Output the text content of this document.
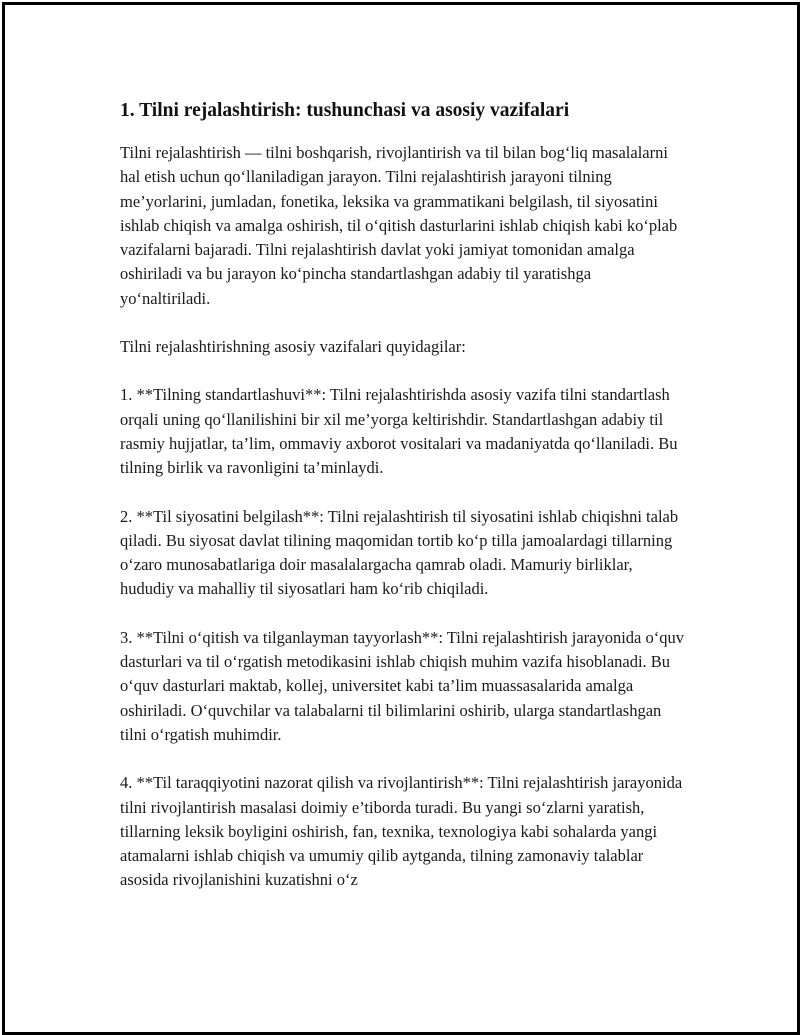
1. Tilni rejalashtirish: tushunchasi va asosiy vazifalari

Tilni rejalashtirish — tilni boshqarish, rivojlantirish va til bilan bog‘liq masalalarni hal etish uchun qo‘llaniladigan jarayon. Tilni rejalashtirish jarayoni tilning me’yorlarini, jumladan, fonetika, leksika va grammatikani belgilash, til siyosatini ishlab chiqish va amalga oshirish, til o‘qitish dasturlarini ishlab chiqish kabi ko‘plab vazifalarni bajaradi. Tilni rejalashtirish davlat yoki jamiyat tomonidan amalga oshiriladi va bu jarayon ko‘pincha standartlashgan adabiy til yaratishga yo‘naltiriladi.

Tilni rejalashtirishning asosiy vazifalari quyidagilar:

1. **Tilning standartlashuvi**: Tilni rejalashtirishda asosiy vazifa tilni standartlash orqali uning qo‘llanilishini bir xil me’yorga keltirishdir. Standartlashgan adabiy til rasmiy hujjatlar, ta’lim, ommaviy axborot vositalari va madaniyatda qo‘llaniladi. Bu tilning birlik va ravonligini ta’minlaydi.

2. **Til siyosatini belgilash**: Tilni rejalashtirish til siyosatini ishlab chiqishni talab qiladi. Bu siyosat davlat tilining maqomidan tortib ko‘p tilla jamoalardagi tillarning o‘zaro munosabatlariga doir masalalargacha qamrab oladi. Mamuriy birliklar, hududiy va mahalliy til siyosatlari ham ko‘rib chiqiladi.

3. **Tilni o‘qitish va tilganlayman tayyorlash**: Tilni rejalashtirish jarayonida o‘quv dasturlari va til o‘rgatish metodikasini ishlab chiqish muhim vazifa hisoblanadi. Bu o‘quv dasturlari maktab, kollej, universitet kabi ta’lim muassasalarida amalga oshiriladi. O‘quvchilar va talabalarni til bilimlarini oshirib, ularga standartlashgan tilni o‘rgatish muhimdir.

4. **Til taraqqiyotini nazorat qilish va rivojlantirish**: Tilni rejalashtirish jarayonida tilni rivojlantirish masalasi doimiy e’tiborda turadi. Bu yangi so‘zlarni yaratish, tillarning leksik boyligini oshirish, fan, texnika, texnologiya kabi sohalarda yangi atamalarni ishlab chiqish va umumiy qilib aytganda, tilning zamonaviy talablar asosida rivojlanishini kuzatishni o‘z
